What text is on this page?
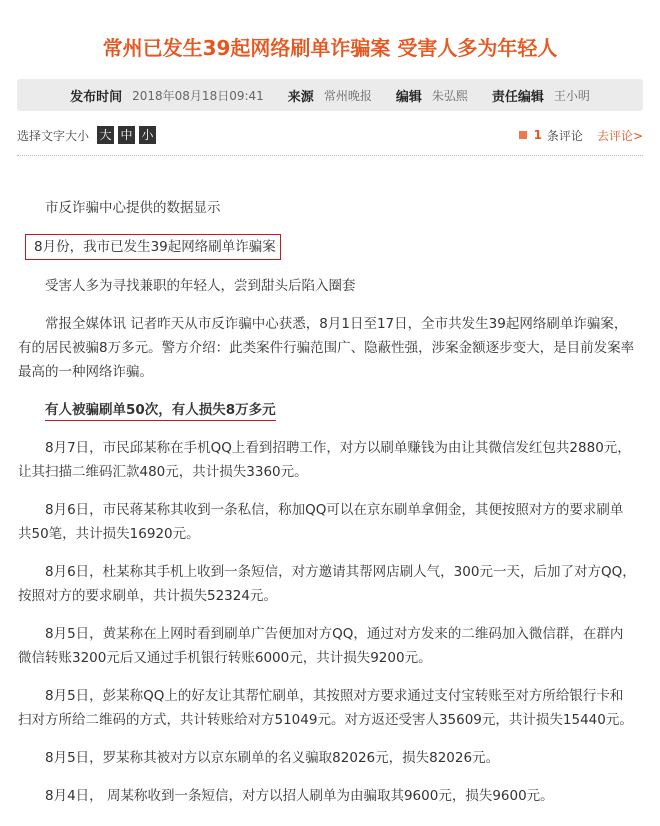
常州已发生39起网络刷单诈骗案 受害人多为年轻人
发布时间 2018年08月18日09:41 来源 常州晚报 编辑 朱弘熙 责任编辑 王小明
选择文字大小 大 中 小	1 条评论 去评论>

市反诈骗中心提供的数据显示

8月份，我市已发生39起网络刷单诈骗案

受害人多为寻找兼职的年轻人，尝到甜头后陷入圈套

常报全媒体讯 记者昨天从市反诈骗中心获悉，8月1日至17日，全市共发生39起网络刷单诈骗案，有的居民被骗8万多元。警方介绍：此类案件行骗范围广、隐蔽性强，涉案金额逐步变大，是目前发案率最高的一种网络诈骗。

有人被骗刷单50次，有人损失8万多元

8月7日，市民邱某称在手机QQ上看到招聘工作，对方以刷单赚钱为由让其微信发红包共2880元，让其扫描二维码汇款480元，共计损失3360元。

8月6日，市民蒋某称其收到一条私信，称加QQ可以在京东刷单拿佣金，其便按照对方的要求刷单共50笔，共计损失16920元。

8月6日，杜某称其手机上收到一条短信，对方邀请其帮网店刷人气，300元一天，后加了对方QQ，按照对方的要求刷单，共计损失52324元。

8月5日，黄某称在上网时看到刷单广告便加对方QQ，通过对方发来的二维码加入微信群，在群内微信转账3200元后又通过手机银行转账6000元，共计损失9200元。

8月5日，彭某称QQ上的好友让其帮忙刷单，其按照对方要求通过支付宝转账至对方所给银行卡和扫对方所给二维码的方式，共计转账给对方51049元。对方返还受害人35609元，共计损失15440元。

8月5日，罗某称其被对方以京东刷单的名义骗取82026元，损失82026元。

8月4日， 周某称收到一条短信，对方以招人刷单为由骗取其9600元，损失9600元。
